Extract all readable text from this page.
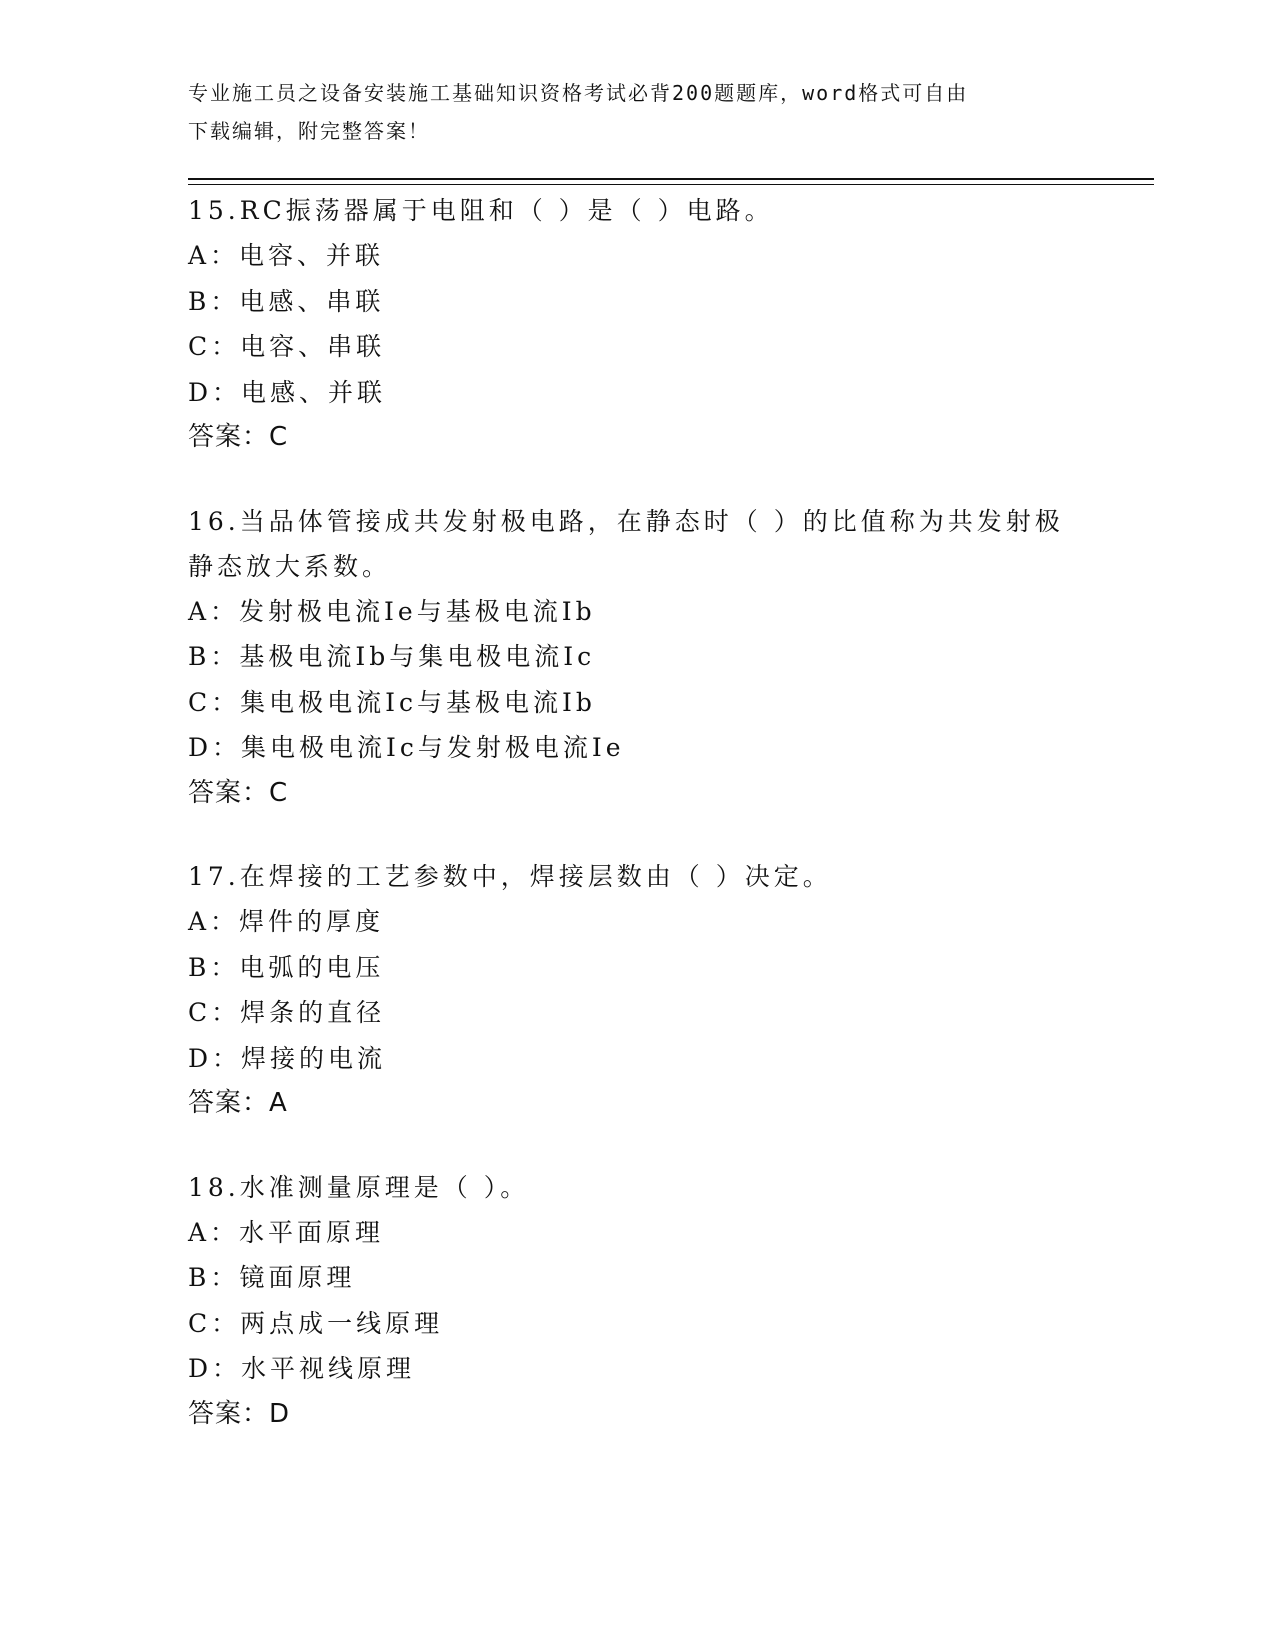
专业施工员之设备安装施工基础知识资格考试必背200题题库，word格式可自由
下载编辑，附完整答案！

15.RC振荡器属于电阻和（ ）是（ ）电路。

A：电容、并联

B：电感、串联

C：电容、串联

D：电感、并联

答案：C

16.当品体管接成共发射极电路，在静态时（ ）的比值称为共发射极静态放大系数。

A：发射极电流Ie与基极电流Ib

B：基极电流Ib与集电极电流Ic

C：集电极电流Ic与基极电流Ib

D：集电极电流Ic与发射极电流Ie

答案：C

17.在焊接的工艺参数中，焊接层数由（ ）决定。

A：焊件的厚度

B：电弧的电压

C：焊条的直径

D：焊接的电流

答案：A

18.水准测量原理是（ ）。

A：水平面原理

B：镜面原理

C：两点成一线原理

D：水平视线原理

答案：D
